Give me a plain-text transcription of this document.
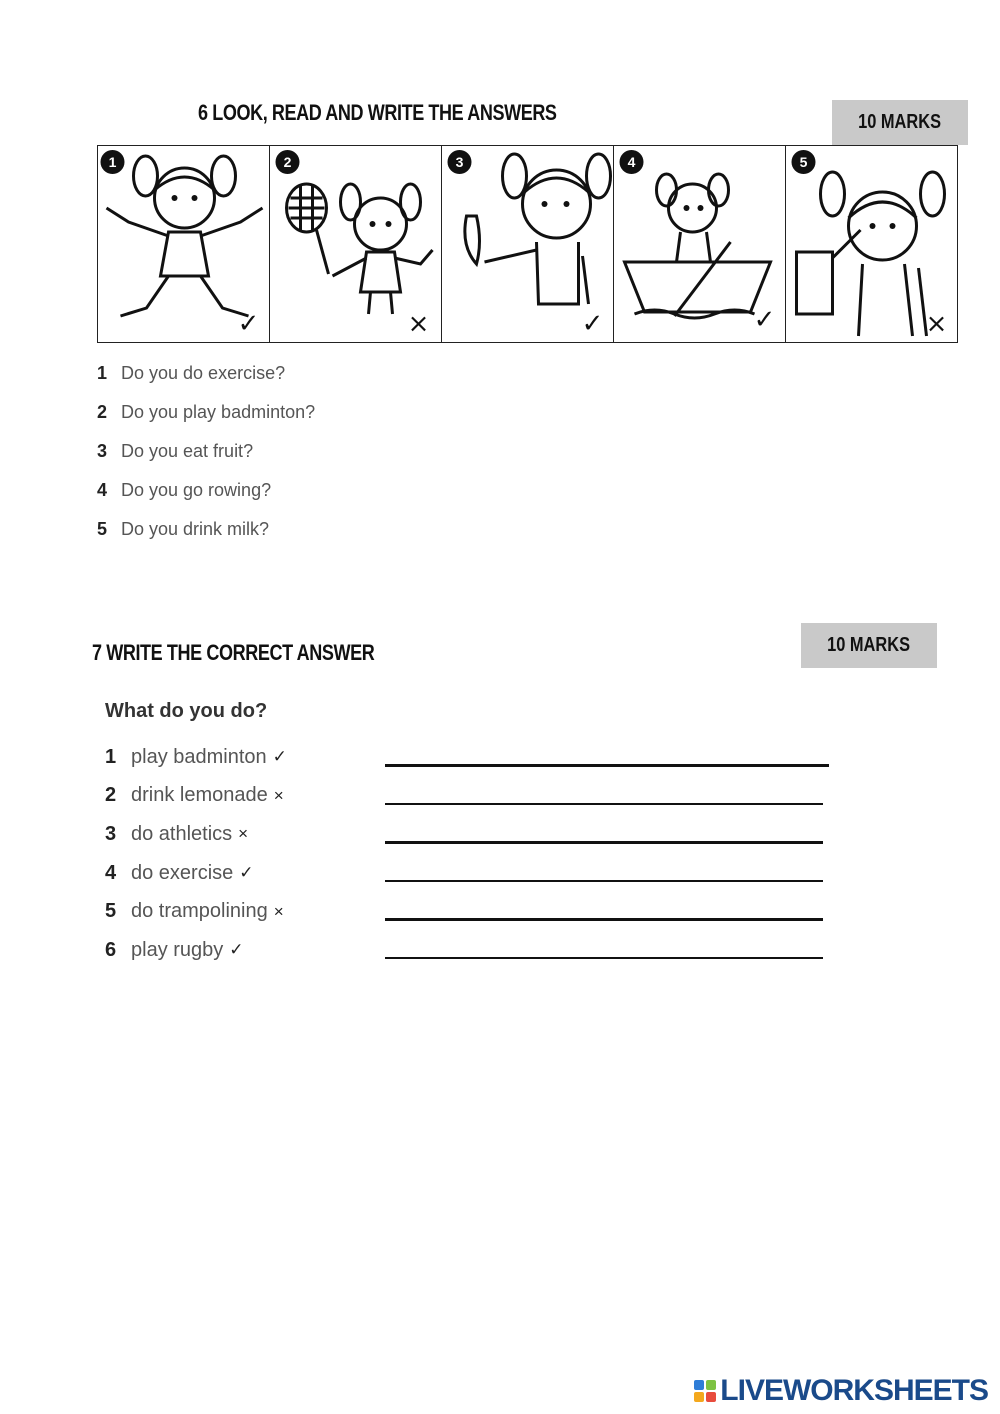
6 LOOK, READ AND WRITE THE ANSWERS	10 MARKS
1
✓
2
×
3
✓
4
✓
5
×
1 Do you do exercise?
2 Do you play badminton?
3 Do you eat fruit?
4 Do you go rowing?
5 Do you drink milk?
7 WRITE THE CORRECT ANSWER	10 MARKS
What do you do?
1 play badminton ✓
2 drink lemonade ×
3 do athletics ×
4 do exercise ✓
5 do trampolining ×
6 play rugby ✓
LIVEWORKSHEETS
